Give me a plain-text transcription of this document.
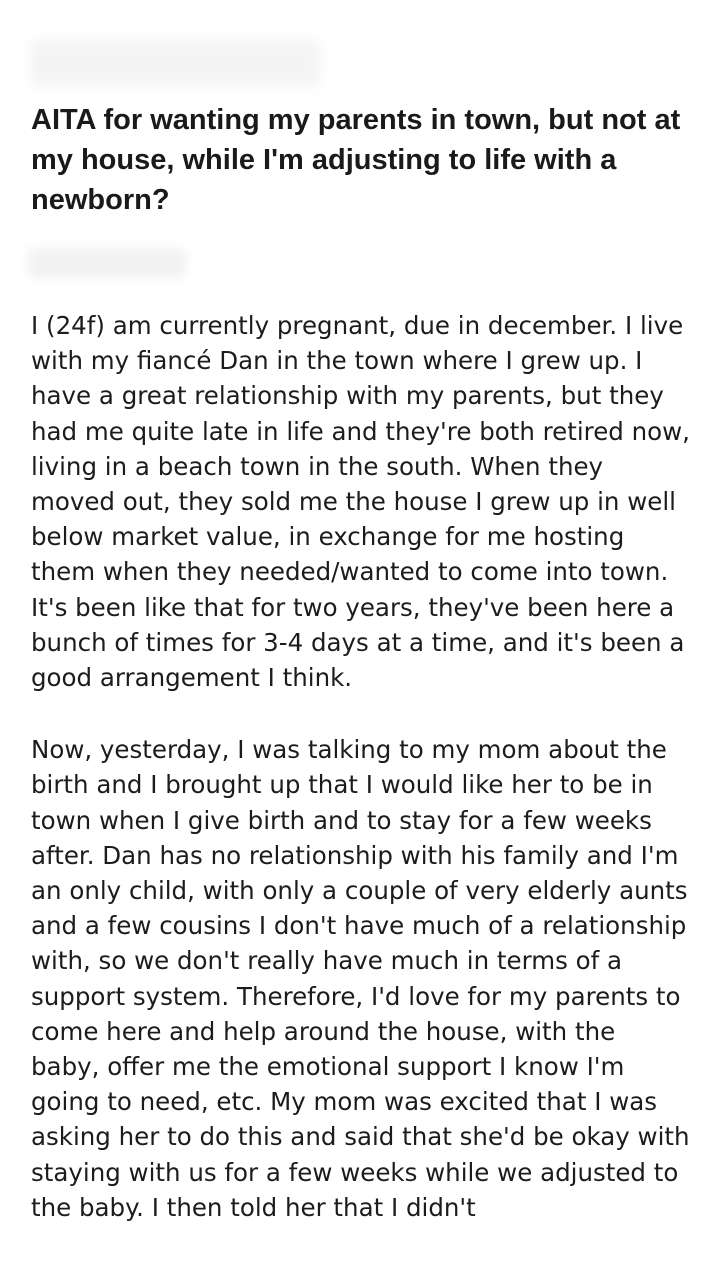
AITA for wanting my parents in town, but not at my house, while I'm adjusting to life with a newborn?

I (24f) am currently pregnant, due in december. I live with my fiancé Dan in the town where I grew up. I have a great relationship with my parents, but they had me quite late in life and they're both retired now, living in a beach town in the south. When they moved out, they sold me the house I grew up in well below market value, in exchange for me hosting them when they needed/wanted to come into town. It's been like that for two years, they've been here a bunch of times for 3-4 days at a time, and it's been a good arrangement I think.

Now, yesterday, I was talking to my mom about the birth and I brought up that I would like her to be in town when I give birth and to stay for a few weeks after. Dan has no relationship with his family and I'm an only child, with only a couple of very elderly aunts and a few cousins I don't have much of a relationship with, so we don't really have much in terms of a support system. Therefore, I'd love for my parents to come here and help around the house, with the baby, offer me the emotional support I know I'm going to need, etc. My mom was excited that I was asking her to do this and said that she'd be okay with staying with us for a few weeks while we adjusted to the baby. I then told her that I didn't
